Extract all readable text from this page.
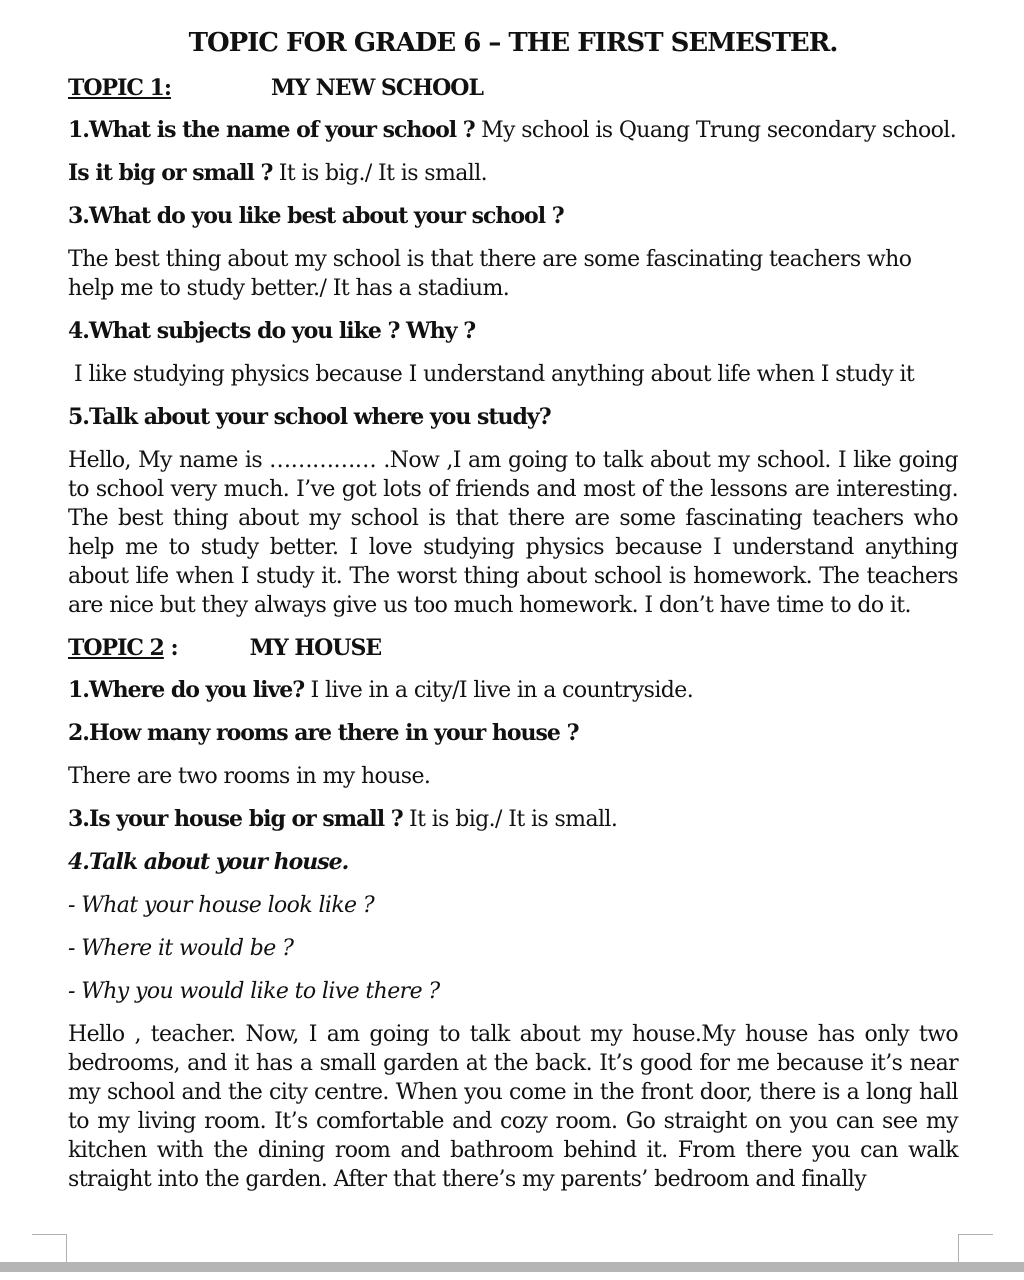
TOPIC FOR GRADE 6 – THE FIRST SEMESTER.
TOPIC 1:	MY NEW SCHOOL
1.What is the name of your school ? My school is Quang Trung secondary school.
Is it big or small ? It is big./ It is small.
3.What do you like best about your school ?
The best thing about my school is that there are some fascinating teachers who help me to study better./ It has a stadium.
4.What subjects do you like ? Why ?
I like studying physics because I understand anything about life when I study it
5.Talk about your school where you study?
Hello, My name is …………… .Now ,I am going to talk about my school. I like going to school very much. I’ve got lots of friends and most of the lessons are interesting. The best thing about my school is that there are some fascinating teachers who help me to study better. I love studying physics because I understand anything about life when I study it. The worst thing about school is homework. The teachers are nice but they always give us too much homework. I don’t have time to do it.
TOPIC 2 :	MY HOUSE
1.Where do you live? I live in a city/I live in a countryside.
2.How many rooms are there in your house ?
There are two rooms in my house.
3.Is your house big or small ? It is big./ It is small.
4.Talk about your house.
- What your house look like ?
- Where it would be ?
- Why you would like to live there ?
Hello , teacher. Now, I am going to talk about my house.My house has only two bedrooms, and it has a small garden at the back. It’s good for me because it’s near my school and the city centre. When you come in the front door, there is a long hall to my living room. It’s comfortable and cozy room. Go straight on you can see my kitchen with the dining room and bathroom behind it. From there you can walk straight into the garden. After that there’s my parents’ bedroom and finally
